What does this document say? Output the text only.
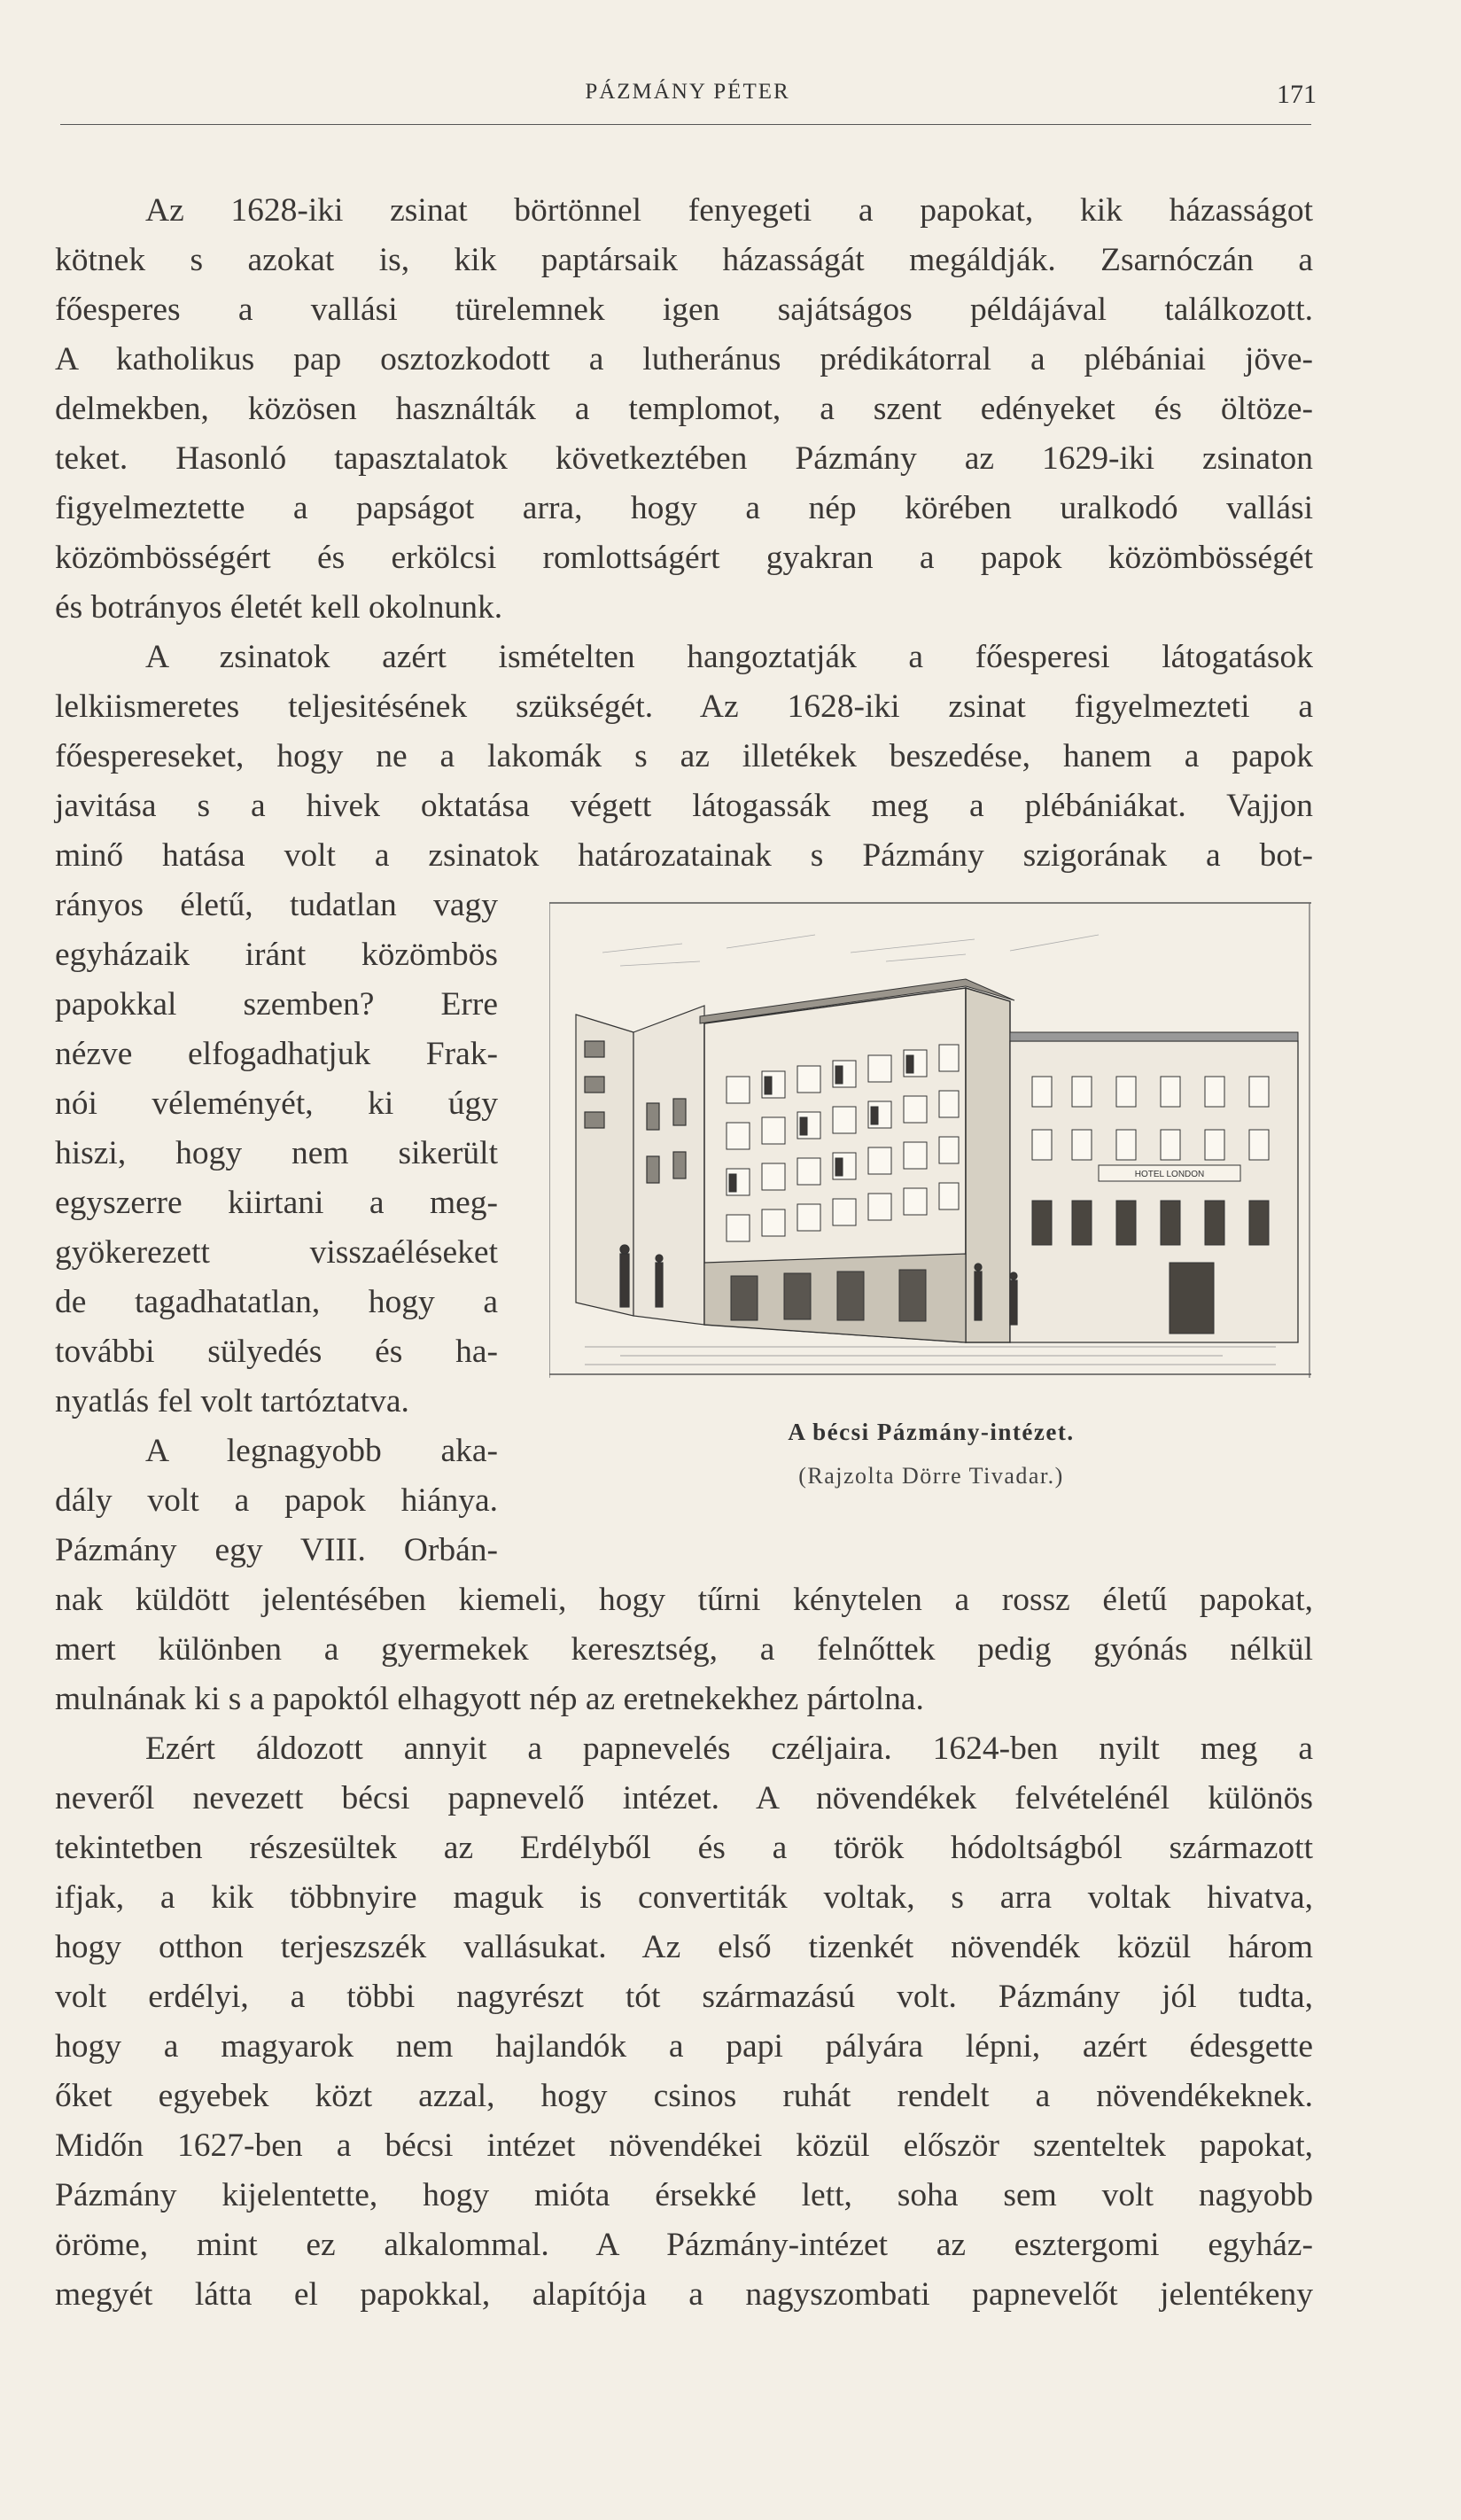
PÁZMÁNY PÉTER	171
Az 1628-iki zsinat börtönnel fenyegeti a papokat, kik házasságot
kötnek s azokat is, kik paptársaik házasságát megáldják. Zsarnóczán a
főesperes a vallási türelemnek igen sajátságos példájával találkozott.
A katholikus pap osztozkodott a lutheránus prédikátorral a plébániai jöve-
delmekben, közösen használták a templomot, a szent edényeket és öltöze-
teket. Hasonló tapasztalatok következtében Pázmány az 1629-iki zsinaton
figyelmeztette a papságot arra, hogy a nép körében uralkodó vallási
közömbösségért és erkölcsi romlottságért gyakran a papok közömbösségét
és botrányos életét kell okolnunk.
A zsinatok azért ismételten hangoztatják a főesperesi látogatások
lelkiismeretes teljesitésének szükségét. Az 1628-iki zsinat figyelmezteti a
főespereseket, hogy ne a lakomák s az illetékek beszedése, hanem a papok
javitása s a hivek oktatása végett látogassák meg a plébániákat. Vajjon
minő hatása volt a zsinatok határozatainak s Pázmány szigorának a bot-
rányos életű, tudatlan vagy
egyházaik iránt közömbös
papokkal szemben? Erre
nézve elfogadhatjuk Frak-
nói véleményét, ki úgy
hiszi, hogy nem sikerült
egyszerre kiirtani a meg-
gyökerezett visszaéléseket
de tagadhatatlan, hogy a
további sülyedés és ha-
nyatlás fel volt tartóztatva.
A legnagyobb aka-
dály volt a papok hiánya.
Pázmány egy VIII. Orbán-
nak küldött jelentésében kiemeli, hogy tűrni kénytelen a rossz életű papokat,
mert különben a gyermekek keresztség, a felnőttek pedig gyónás nélkül
mulnának ki s a papoktól elhagyott nép az eretnekekhez pártolna.
Ezért áldozott annyit a papnevelés czéljaira. 1624-ben nyilt meg a
neveről nevezett bécsi papnevelő intézet. A növendékek felvételénél különös
tekintetben részesültek az Erdélyből és a török hódoltságból származott
ifjak, a kik többnyire maguk is convertiták voltak, s arra voltak hivatva,
hogy otthon terjeszszék vallásukat. Az első tizenkét növendék közül három
volt erdélyi, a többi nagyrészt tót származású volt. Pázmány jól tudta,
hogy a magyarok nem hajlandók a papi pályára lépni, azért édesgette
őket egyebek közt azzal, hogy csinos ruhát rendelt a növendékeknek.
Midőn 1627-ben a bécsi intézet növendékei közül először szenteltek papokat,
Pázmány kijelentette, hogy mióta érsekké lett, soha sem volt nagyobb
öröme, mint ez alkalommal. A Pázmány-intézet az esztergomi egyház-
megyét látta el papokkal, alapítója a nagyszombati papnevelőt jelentékeny
HOTEL LONDON
A bécsi Pázmány-intézet.
(Rajzolta Dörre Tivadar.)
